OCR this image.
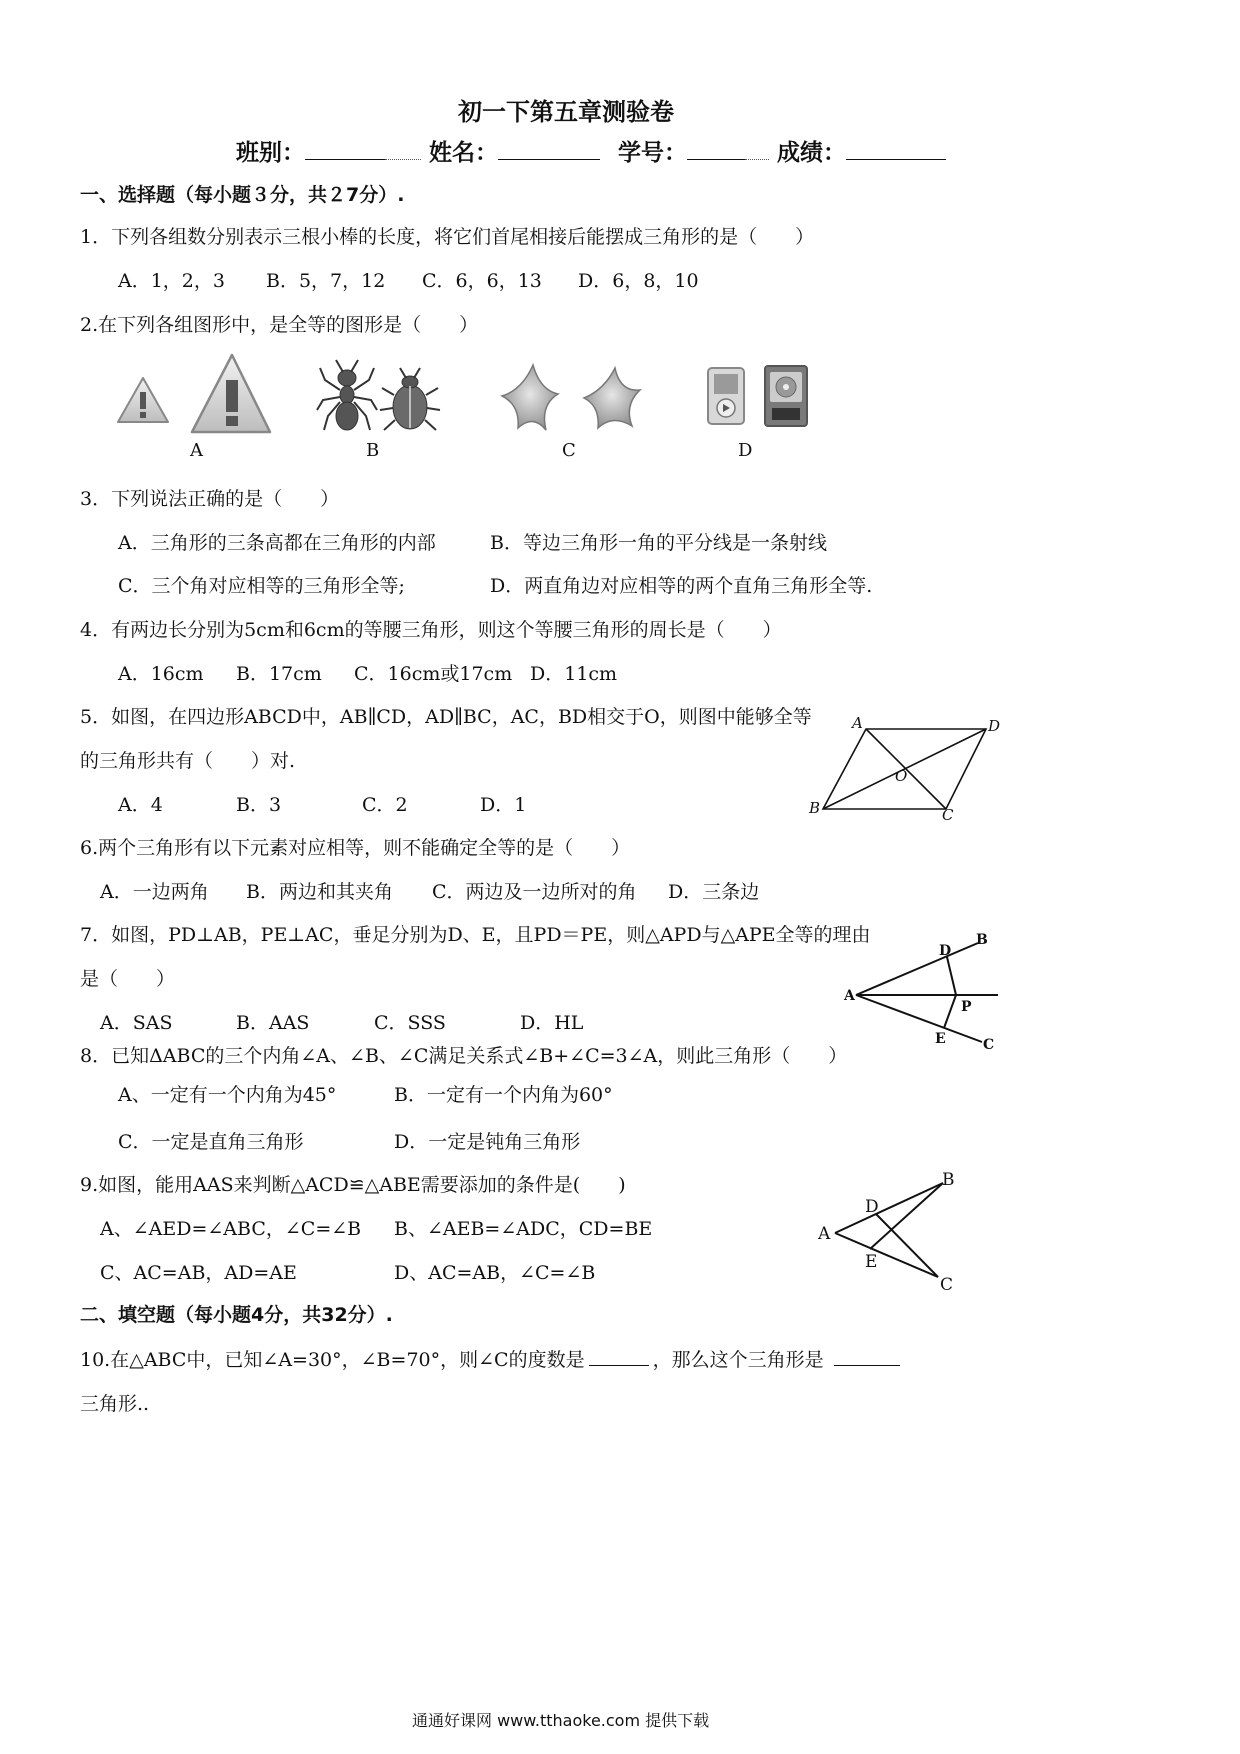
初一下第五章测验卷
班别：	姓名：	学号：	成绩：
一、选择题（每小题３分，共２7分）.
1．下列各组数分别表示三根小棒的长度，将它们首尾相接后能摆成三角形的是（　　）
A．1，2，3 B．5，7，12 C．6，6，13 D．6，8，10
2.在下列各组图形中，是全等的图形是（　　）
A	B	C	D
3．下列说法正确的是（　　）
A．三角形的三条高都在三角形的内部	B．等边三角形一角的平分线是一条射线
C．三个角对应相等的三角形全等;	D．两直角边对应相等的两个直角三角形全等.
4．有两边长分别为5cm和6cm的等腰三角形，则这个等腰三角形的周长是（　　）
A．16cm B．17cm C．16cm或17cm D．11cm
5．如图，在四边形ABCD中，AB∥CD，AD∥BC，AC，BD相交于O，则图中能够全等
的三角形共有（　　）对.
A．4	B．3	C．2	D．1
A	D
B	C
O
6.两个三角形有以下元素对应相等，则不能确定全等的是（　　）
A．一边两角 B．两边和其夹角 C．两边及一边所对的角 D．三条边
7．如图，PD⊥AB，PE⊥AC，垂足分别为D、E，且PD＝PE，则△APD与△APE全等的理由
是（　　）
A．SAS	B．AAS	C．SSS	D．HL
A
D
B
P
E	C
8．已知ΔABC的三个内角∠A、∠B、∠C满足关系式∠B+∠C=3∠A，则此三角形（　　）
A、一定有一个内角为45°	B．一定有一个内角为60°
C．一定是直角三角形	D．一定是钝角三角形
9.如图，能用AAS来判断△ACD≌△ABE需要添加的条件是(　　)
A、∠AED=∠ABC，∠C=∠B B、∠AEB=∠ADC，CD=BE
C、AC=AB，AD=AE	D、AC=AB，∠C=∠B
A
D
B
E
C
二、填空题（每小题4分，共32分）.
10.在△ABC中，已知∠A=30°，∠B=70°，则∠C的度数是	，那么这个三角形是
三角形..
通通好课网 www.tthaoke.com 提供下载
